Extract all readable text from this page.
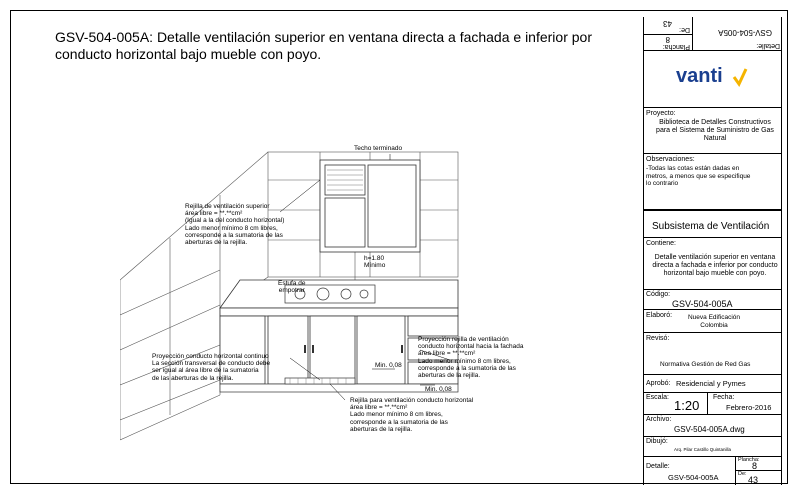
GSV-504-005A: Detalle ventilación superior en ventana directa a fachada e inferior por conducto horizontal bajo mueble con poyo.
Techo terminado
Rejilla de ventilación superior
área libre = **.**cm²
(Igual a la del conducto horizontal)
Lado menor mínimo 8 cm libres,
corresponde a la sumatoria de las
aberturas de la rejilla.
h=1.80
Mínimo
Estufa de
empotrar
Proyección conducto horizontal continuo
La sección transversal de conducto debe
ser igual al área libre de la sumatoria
de las aberturas de la rejilla.
Proyección rejilla de ventilación
conducto horizontal hacia la fachada
área libre = **.**cm²
Lado menor mínimo 8 cm libres,
corresponde a la sumatoria de las
aberturas de la rejilla.
Min. 0,08
Min. 0,08
Rejilla para ventilación conducto horizontal
área libre = **.**cm²
Lado menor mínimo 8 cm libres,
corresponde a la sumatoria de las
aberturas de la rejilla.
Detalle:
GSV-504-005A
Plancha:
8
De:
43
vanti
Proyecto:
Biblioteca de Detalles Constructivos para el Sistema de Suministro de Gas Natural
Observaciones:
-Todas las cotas están dadas en metros, a menos que se especifique lo contrario
Subsistema de Ventilación
Contiene:
Detalle ventilación superior en ventana directa a fachada e inferior por conducto horizontal bajo mueble con poyo.
Código:
GSV-504-005A
Elaboró:	Nueva Edificación Colombia
Revisó:
Normativa Gestión de Red Gas
Aprobó: Residencial y Pymes
Escala:
1:20
Fecha:
Febrero-2016
Archivo:
GSV-504-005A.dwg
Dibujó:
Arq. Pilar Castillo Quintanilla
Detalle:
GSV-504-005A
Plancha:
8
De:
43
